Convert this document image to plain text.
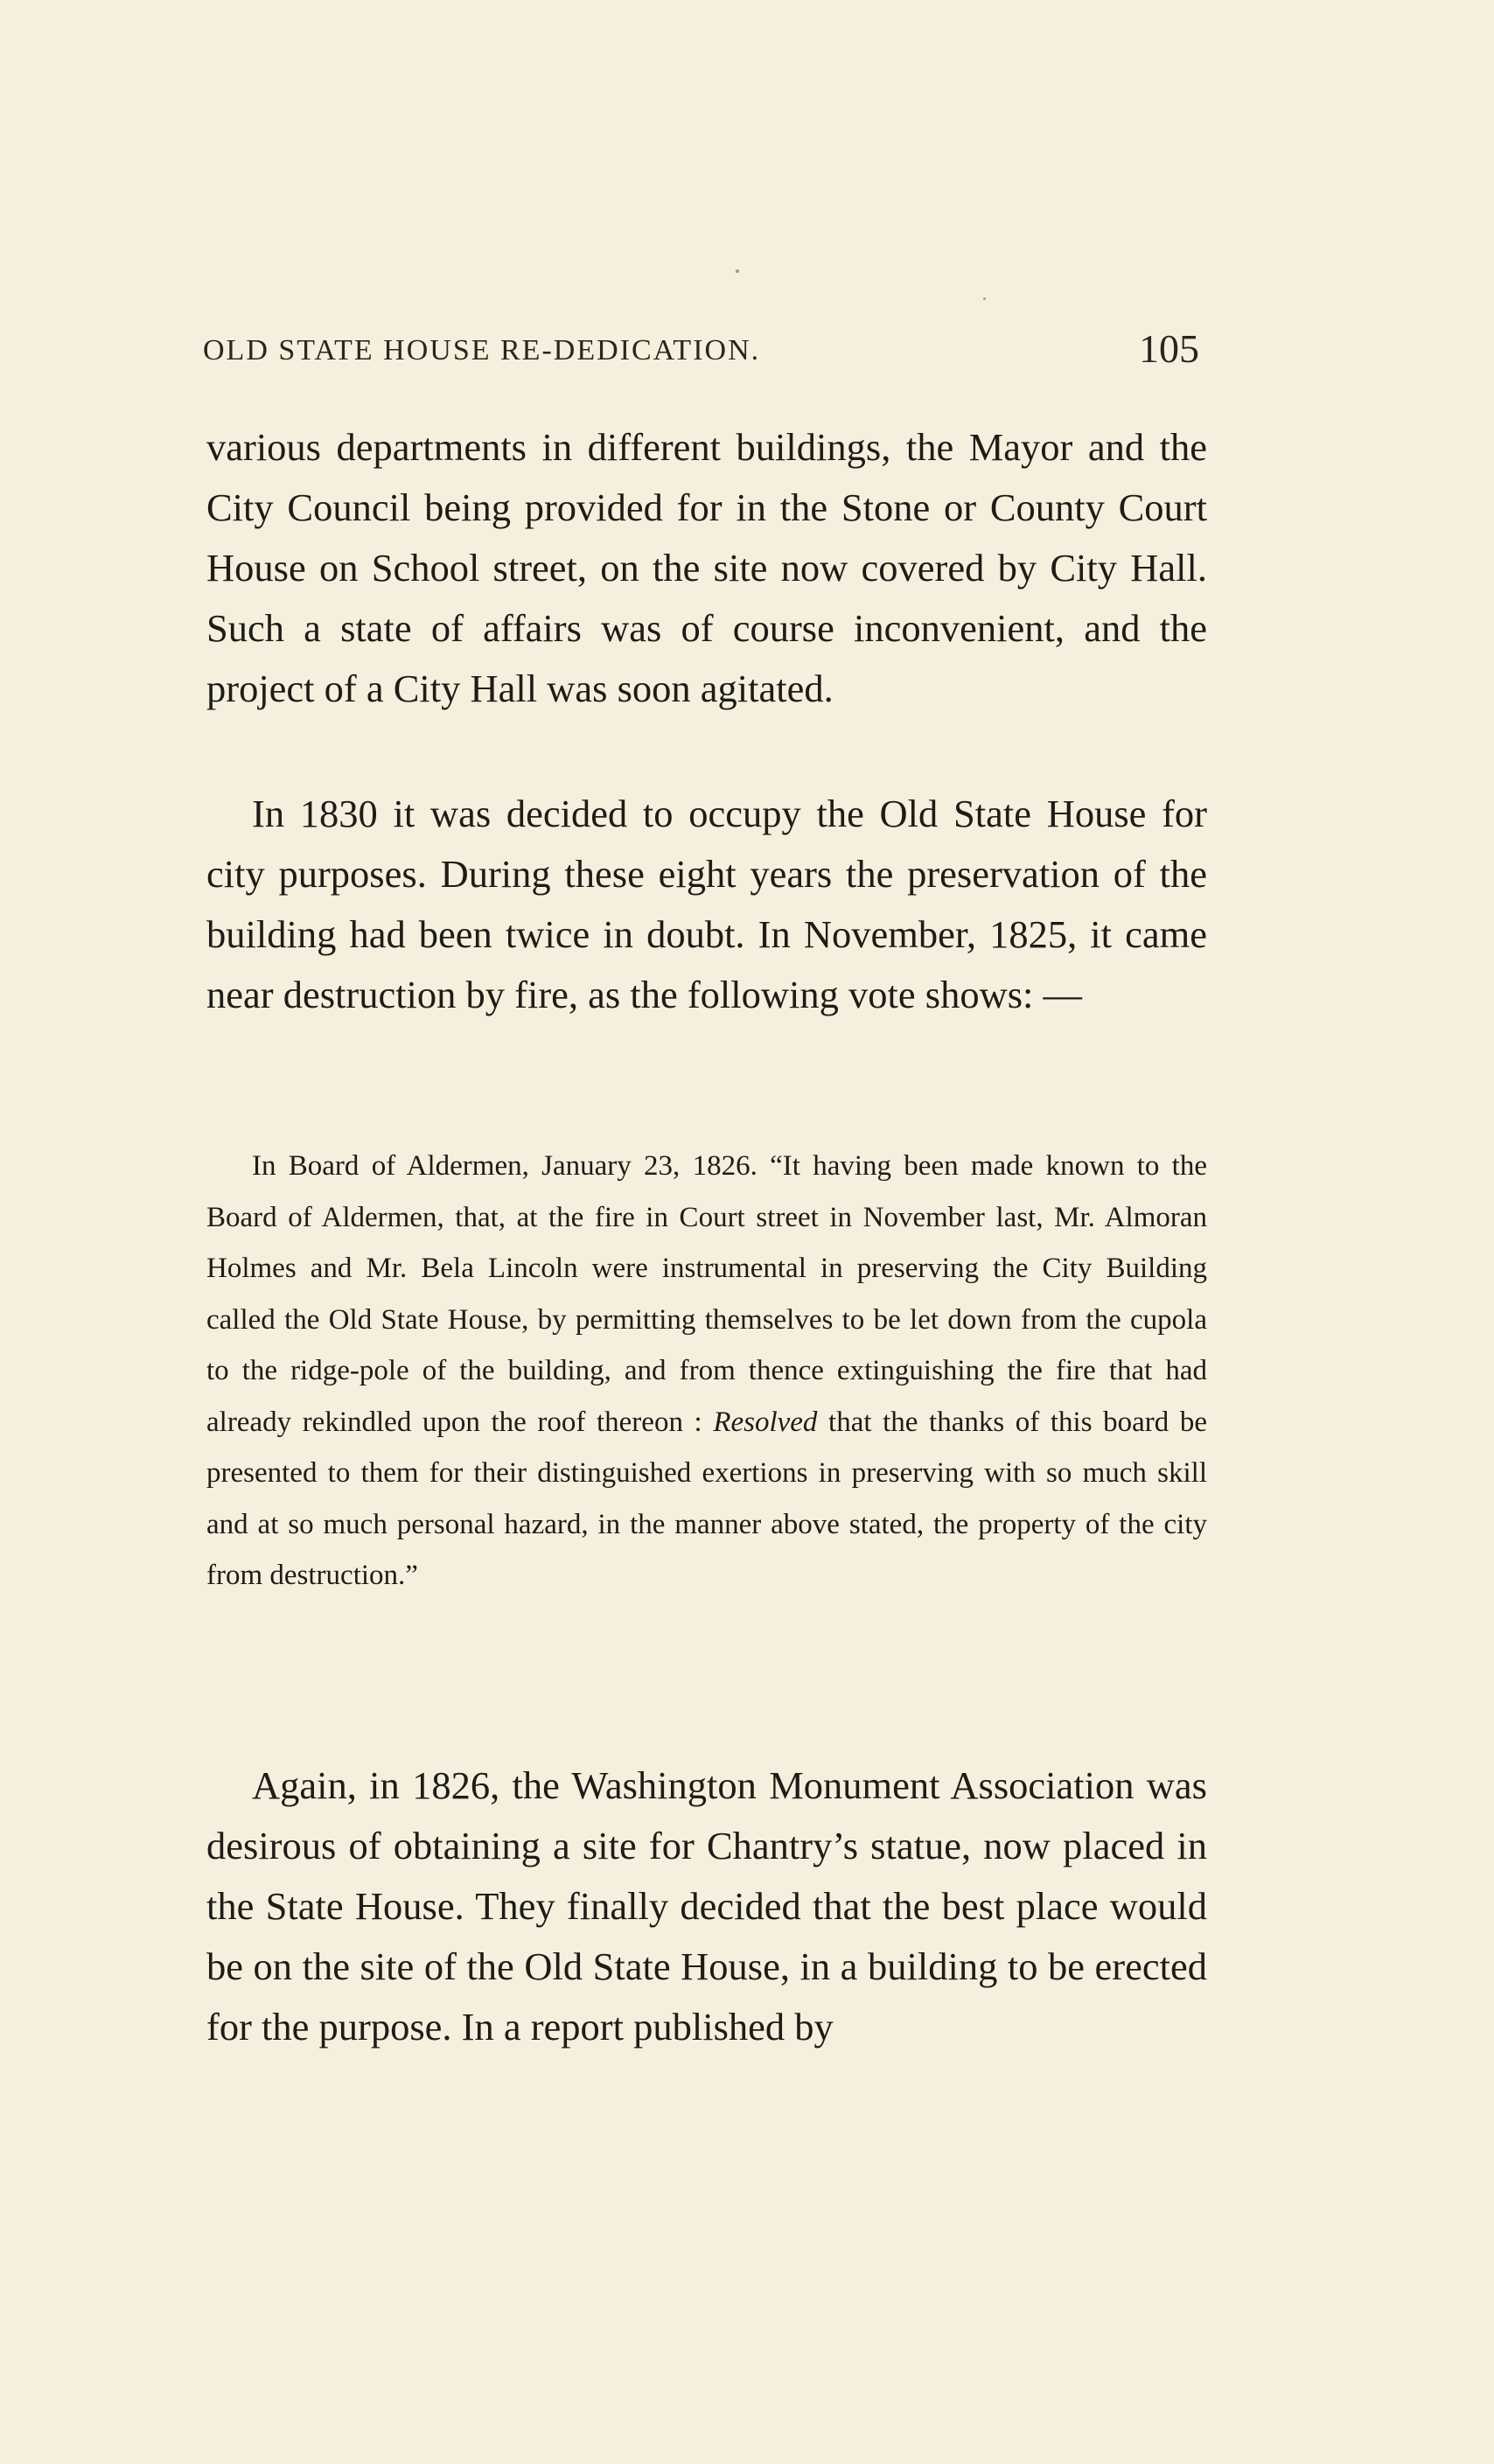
OLD STATE HOUSE RE-DEDICATION.	105

various departments in different buildings, the Mayor and the City Council being provided for in the Stone or County Court House on School street, on the site now covered by City Hall. Such a state of affairs was of course inconvenient, and the project of a City Hall was soon agitated.

In 1830 it was decided to occupy the Old State House for city purposes. During these eight years the preservation of the building had been twice in doubt. In November, 1825, it came near destruction by fire, as the following vote shows: —

In Board of Aldermen, January 23, 1826. “It having been made known to the Board of Aldermen, that, at the fire in Court street in November last, Mr. Almoran Holmes and Mr. Bela Lincoln were instrumental in preserving the City Building called the Old State House, by permitting themselves to be let down from the cupola to the ridge-pole of the building, and from thence extinguishing the fire that had already rekindled upon the roof thereon : Resolved that the thanks of this board be presented to them for their distinguished exertions in preserving with so much skill and at so much personal hazard, in the manner above stated, the property of the city from destruction.”

Again, in 1826, the Washington Monument Association was desirous of obtaining a site for Chantry’s statue, now placed in the State House. They finally decided that the best place would be on the site of the Old State House, in a building to be erected for the purpose. In a report published by
